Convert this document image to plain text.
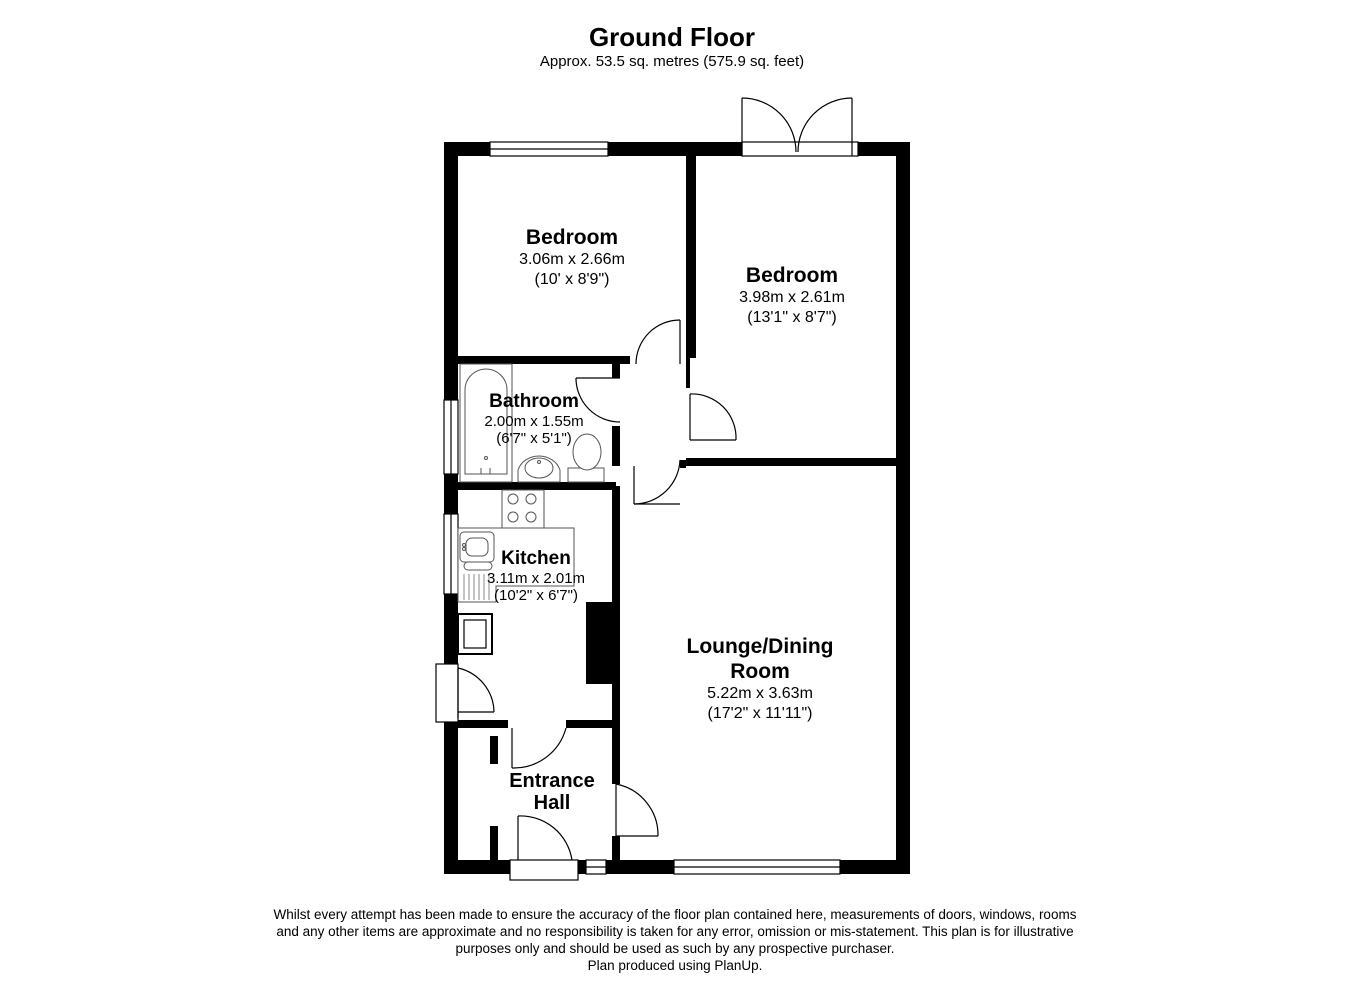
Ground Floor
Approx. 53.5 sq. metres (575.9 sq. feet)
Bedroom
3.06m x 2.66m
(10' x 8'9")	Bedroom
3.98m x 2.61m
(13'1" x 8'7")
Bathroom
2.00m x 1.55m
(6'7" x 5'1")
Kitchen
3.11m x 2.01m
(10'2" x 6'7")
Lounge/Dining
Room
5.22m x 3.63m
(17'2" x 11'11")
Entrance
Hall
Whilst every attempt has been made to ensure the accuracy of the floor plan contained here, measurements of doors, windows, rooms
and any other items are approximate and no responsibility is taken for any error, omission or mis-statement. This plan is for illustrative
purposes only and should be used as such by any prospective purchaser.
Plan produced using PlanUp.
